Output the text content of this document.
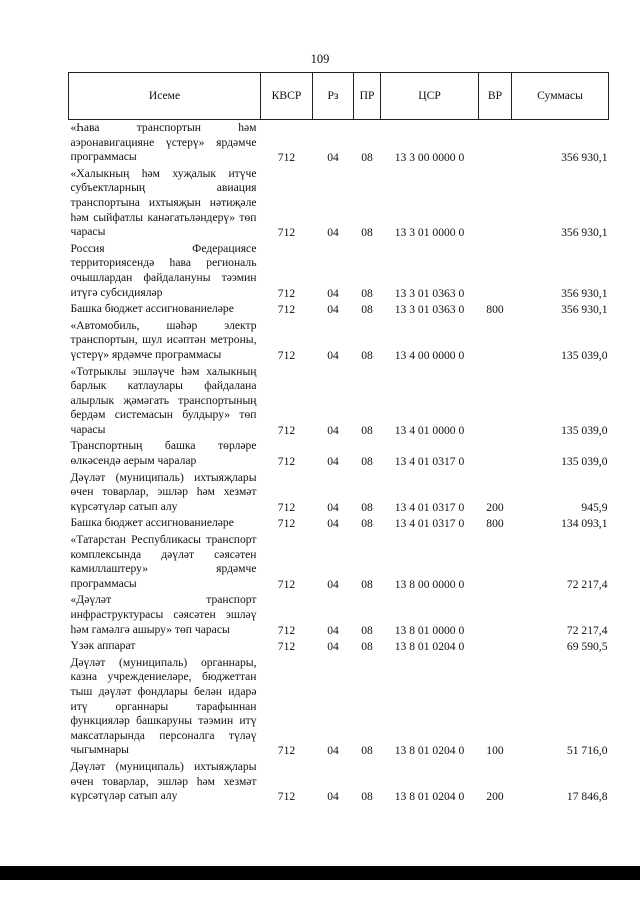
109
Исеме	КВСР	Рз	ПР	ЦСР	ВР	Суммасы
«Һава транспортын һәм аэронавигациянe үстерү» ярдәмче программасы	712	04	08	13 3 00 0000 0		356 930,1
«Халыкның һәм хуҗалык итүче субъектларның авиация транспортына ихтыяҗын нәтиҗәле һәм сыйфатлы канәгатьләндерү» төп чарасы	712	04	08	13 3 01 0000 0		356 930,1
Россия Федерациясе территориясендә һава региональ очышлардан файдалануны тәэмин итүгә субсидияләр	712	04	08	13 3 01 0363 0		356 930,1
Башка бюджет ассигнованиеләре	712	04	08	13 3 01 0363 0	800	356 930,1
«Автомобиль, шәһәр электр транспортын, шул исәптән метроны, үстерү» ярдәмче программасы	712	04	08	13 4 00 0000 0		135 039,0
«Тотрыклы эшләүче һәм халыкның барлык катлаулары файдалана алырлык җәмәгать транспортының бердәм системасын булдыру» төп чарасы	712	04	08	13 4 01 0000 0		135 039,0
Транспортның башка төрләре өлкәсендә аерым чаралар	712	04	08	13 4 01 0317 0		135 039,0
Дәүләт (муниципаль) ихтыяҗлары өчен товарлар, эшләр һәм хезмәт күрсәтүләр сатып алу	712	04	08	13 4 01 0317 0	200	945,9
Башка бюджет ассигнованиеләре	712	04	08	13 4 01 0317 0	800	134 093,1
«Татарстан Республикасы транспорт комплексында дәүләт сәясәтен камиллаштеру» ярдәмче программасы	712	04	08	13 8 00 0000 0		72 217,4
«Дәүләт транспорт инфраструктурасы сәясәтен эшләү һәм гамәлгә ашыру» төп чарасы	712	04	08	13 8 01 0000 0		72 217,4
Үзәк аппарат	712	04	08	13 8 01 0204 0		69 590,5
Дәүләт (муниципаль) органнары, казна учреждениеләре, бюджеттан тыш дәүләт фондлары белән идарә итү органнары тарафыннан функцияләр башкаруны тәэмин итү максатларында персоналга түләү чыгымнары	712	04	08	13 8 01 0204 0	100	51 716,0
Дәүләт (муниципаль) ихтыяҗлары өчен товарлар, эшләр һәм хезмәт күрсәтүләр сатып алу	712	04	08	13 8 01 0204 0	200	17 846,8
